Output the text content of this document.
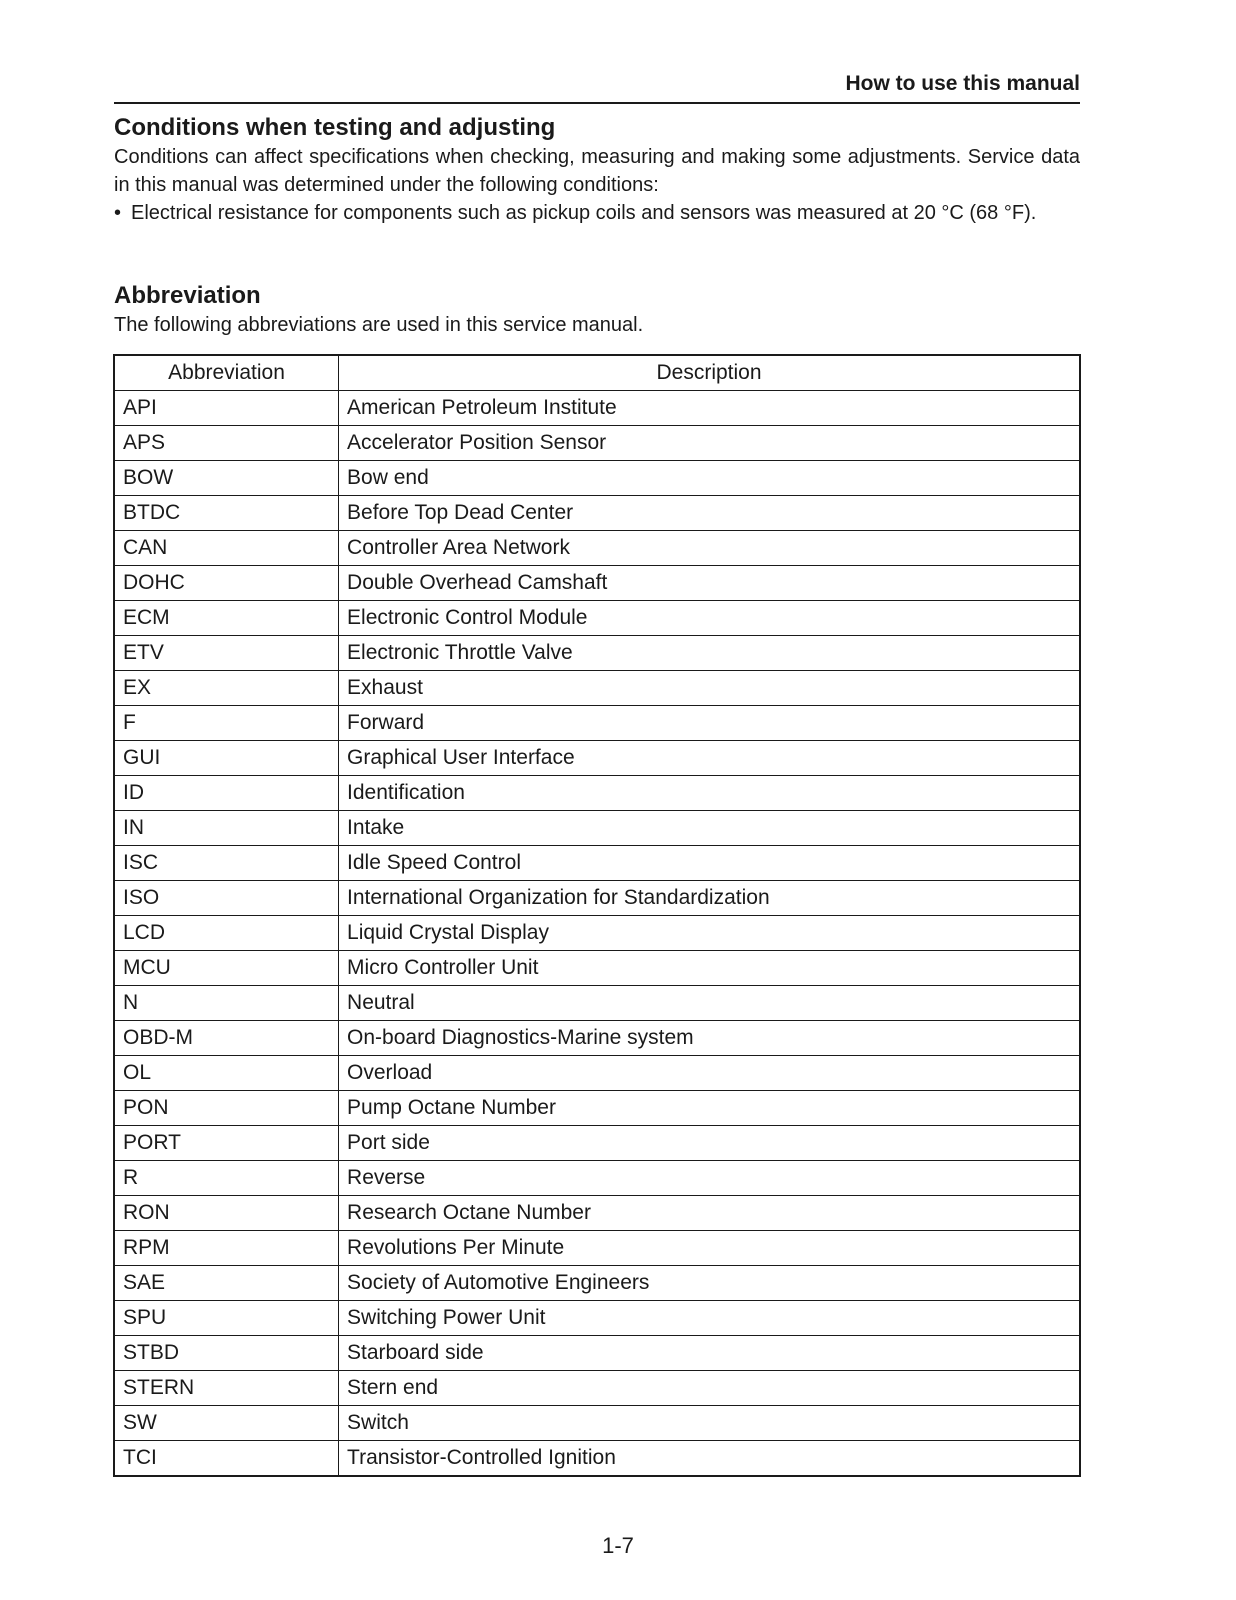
How to use this manual
Conditions when testing and adjusting

Conditions can affect specifications when checking, measuring and making some adjustments. Service data in this manual was determined under the following conditions:

• Electrical resistance for components such as pickup coils and sensors was measured at 20 °C (68 °F).
Abbreviation

The following abbreviations are used in this service manual.

Abbreviation	Description
API	American Petroleum Institute
APS	Accelerator Position Sensor
BOW	Bow end
BTDC	Before Top Dead Center
CAN	Controller Area Network
DOHC	Double Overhead Camshaft
ECM	Electronic Control Module
ETV	Electronic Throttle Valve
EX	Exhaust
F	Forward
GUI	Graphical User Interface
ID	Identification
IN	Intake
ISC	Idle Speed Control
ISO	International Organization for Standardization
LCD	Liquid Crystal Display
MCU	Micro Controller Unit
N	Neutral
OBD-M	On-board Diagnostics-Marine system
OL	Overload
PON	Pump Octane Number
PORT	Port side
R	Reverse
RON	Research Octane Number
RPM	Revolutions Per Minute
SAE	Society of Automotive Engineers
SPU	Switching Power Unit
STBD	Starboard side
STERN	Stern end
SW	Switch
TCI	Transistor-Controlled Ignition
1-7
